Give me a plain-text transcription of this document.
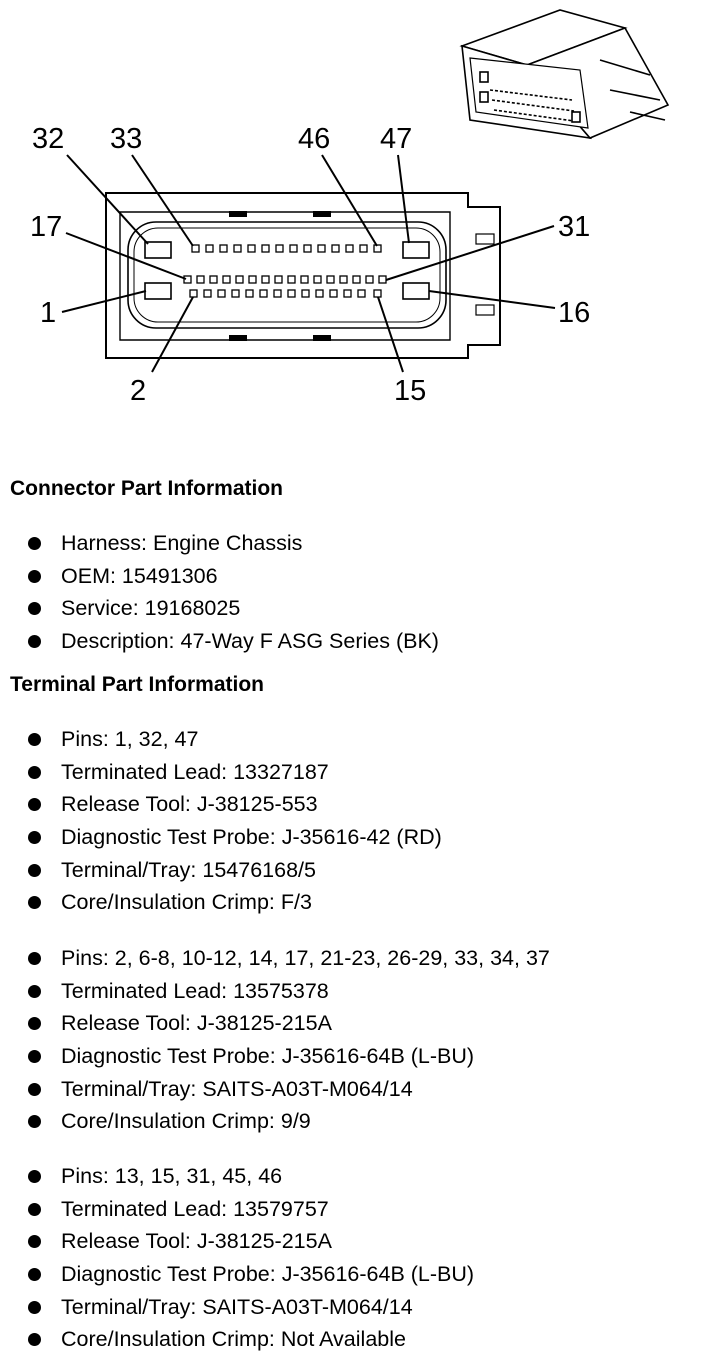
32 33	46 47
17	31
1	16
2	15
Connector Part Information
Harness: Engine Chassis
OEM: 15491306
Service: 19168025
Description: 47-Way F ASG Series (BK)
Terminal Part Information
Pins: 1, 32, 47
Terminated Lead: 13327187
Release Tool: J-38125-553
Diagnostic Test Probe: J-35616-42 (RD)
Terminal/Tray: 15476168/5
Core/Insulation Crimp: F/3
Pins: 2, 6-8, 10-12, 14, 17, 21-23, 26-29, 33, 34, 37
Terminated Lead: 13575378
Release Tool: J-38125-215A
Diagnostic Test Probe: J-35616-64B (L-BU)
Terminal/Tray: SAITS-A03T-M064/14
Core/Insulation Crimp: 9/9
Pins: 13, 15, 31, 45, 46
Terminated Lead: 13579757
Release Tool: J-38125-215A
Diagnostic Test Probe: J-35616-64B (L-BU)
Terminal/Tray: SAITS-A03T-M064/14
Core/Insulation Crimp: Not Available
